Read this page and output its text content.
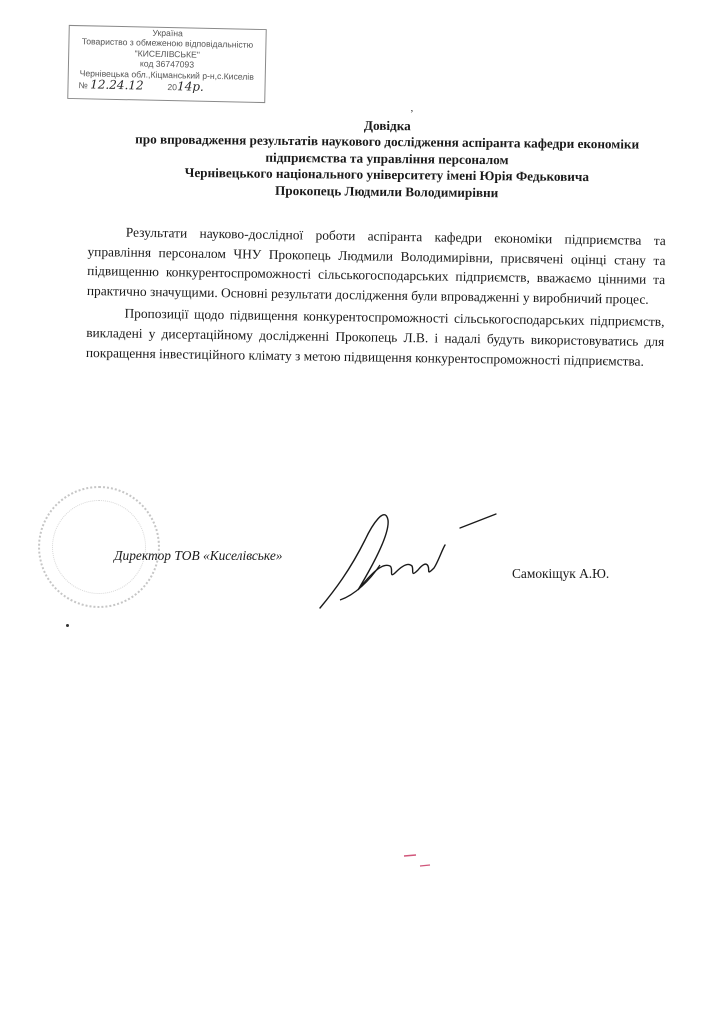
Україна
Товариство з обмеженою відповідальністю
"КИСЕЛІВСЬКЕ"
код 36747093
Чернівецька обл.,Кіцманський р-н,с.Киселів
№ 12.24.12	2014р.
ʼ
Довідка
про впровадження результатів наукового дослідження аспіранта кафедри економіки
підприємства та управління персоналом
Чернівецького національного університету імені Юрія Федьковича
Прокопець Людмили Володимирівни

Результати науково-дослідної роботи аспіранта кафедри економіки підприємства та управління персоналом ЧНУ Прокопець Людмили Володимирівни, присвячені оцінці стану та підвищенню конкурентоспроможності сільськогосподарських підприємств, вважаємо цінними та практично значущими. Основні результати дослідження були впровадженні у виробничий процес.

Пропозиції щодо підвищення конкурентоспроможності сільськогосподарських підприємств, викладені у дисертаційному дослідженні Прокопець Л.В. і надалі будуть використовуватись для покращення інвестиційного клімату з метою підвищення конкурентоспроможності підприємства.

Директор ТОВ «Киселівське»
Самокіщук А.Ю.
